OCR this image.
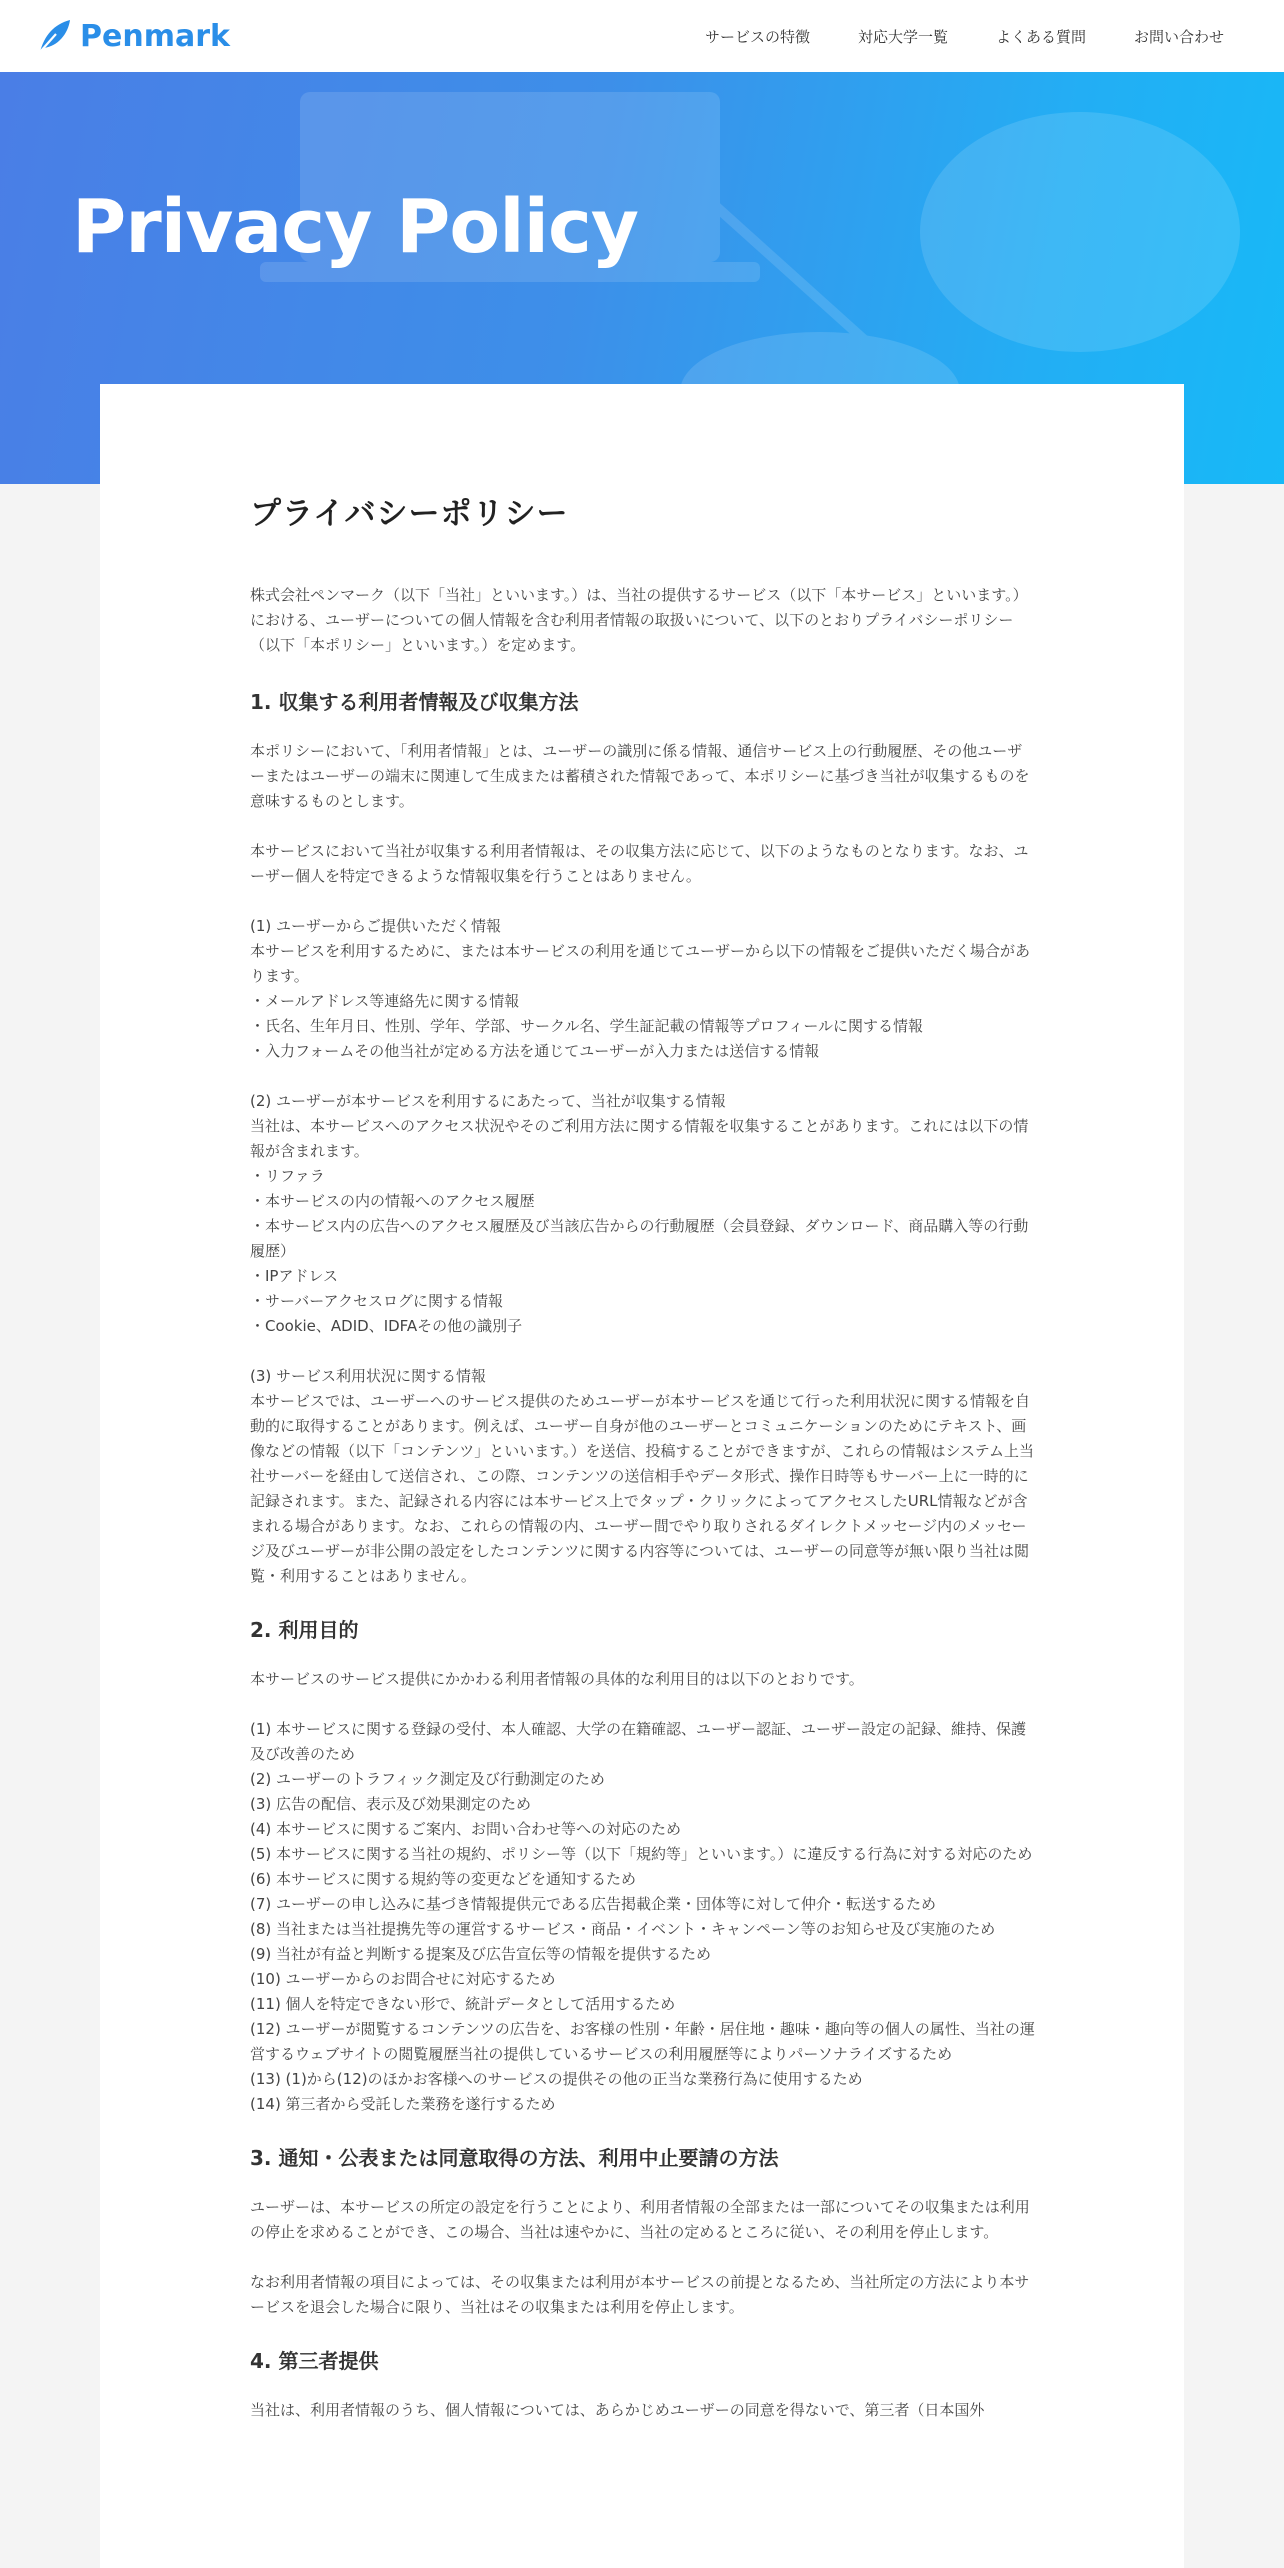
Penmark	サービスの特徴	対応大学一覧	よくある質問	お問い合わせ
Privacy Policy
プライバシーポリシー

株式会社ペンマーク（以下「当社」といいます。）は、当社の提供するサービス（以下「本サービス」といいます。）における、ユーザーについての個人情報を含む利用者情報の取扱いについて、以下のとおりプライバシーポリシー（以下「本ポリシー」といいます。）を定めます。

1. 収集する利用者情報及び収集方法

本ポリシーにおいて、「利用者情報」とは、ユーザーの識別に係る情報、通信サービス上の行動履歴、その他ユーザーまたはユーザーの端末に関連して生成または蓄積された情報であって、本ポリシーに基づき当社が収集するものを意味するものとします。

本サービスにおいて当社が収集する利用者情報は、その収集方法に応じて、以下のようなものとなります。なお、ユーザー個人を特定できるような情報収集を行うことはありません。

(1) ユーザーからご提供いただく情報
本サービスを利用するために、または本サービスの利用を通じてユーザーから以下の情報をご提供いただく場合があります。
・メールアドレス等連絡先に関する情報
・氏名、生年月日、性別、学年、学部、サークル名、学生証記載の情報等プロフィールに関する情報
・入力フォームその他当社が定める方法を通じてユーザーが入力または送信する情報
(2) ユーザーが本サービスを利用するにあたって、当社が収集する情報
当社は、本サービスへのアクセス状況やそのご利用方法に関する情報を収集することがあります。これには以下の情報が含まれます。
・リファラ
・本サービスの内の情報へのアクセス履歴
・本サービス内の広告へのアクセス履歴及び当該広告からの行動履歴（会員登録、ダウンロード、商品購入等の行動履歴）
・IPアドレス
・サーバーアクセスログに関する情報
・Cookie、ADID、IDFAその他の識別子
(3) サービス利用状況に関する情報
本サービスでは、ユーザーへのサービス提供のためユーザーが本サービスを通じて行った利用状況に関する情報を自動的に取得することがあります。例えば、ユーザー自身が他のユーザーとコミュニケーションのためにテキスト、画像などの情報（以下「コンテンツ」といいます。）を送信、投稿することができますが、これらの情報はシステム上当社サーバーを経由して送信され、この際、コンテンツの送信相手やデータ形式、操作日時等もサーバー上に一時的に記録されます。また、記録される内容には本サービス上でタップ・クリックによってアクセスしたURL情報などが含まれる場合があります。なお、これらの情報の内、ユーザー間でやり取りされるダイレクトメッセージ内のメッセージ及びユーザーが非公開の設定をしたコンテンツに関する内容等については、ユーザーの同意等が無い限り当社は閲覧・利用することはありません。
2. 利用目的

本サービスのサービス提供にかかわる利用者情報の具体的な利用目的は以下のとおりです。

(1) 本サービスに関する登録の受付、本人確認、大学の在籍確認、ユーザー認証、ユーザー設定の記録、維持、保護及び改善のため
(2) ユーザーのトラフィック測定及び行動測定のため
(3) 広告の配信、表示及び効果測定のため
(4) 本サービスに関するご案内、お問い合わせ等への対応のため
(5) 本サービスに関する当社の規約、ポリシー等（以下「規約等」といいます。）に違反する行為に対する対応のため
(6) 本サービスに関する規約等の変更などを通知するため
(7) ユーザーの申し込みに基づき情報提供元である広告掲載企業・団体等に対して仲介・転送するため
(8) 当社または当社提携先等の運営するサービス・商品・イベント・キャンペーン等のお知らせ及び実施のため
(9) 当社が有益と判断する提案及び広告宣伝等の情報を提供するため
(10) ユーザーからのお問合せに対応するため
(11) 個人を特定できない形で、統計データとして活用するため
(12) ユーザーが閲覧するコンテンツの広告を、お客様の性別・年齢・居住地・趣味・趣向等の個人の属性、当社の運営するウェブサイトの閲覧履歴当社の提供しているサービスの利用履歴等によりパーソナライズするため
(13) (1)から(12)のほかお客様へのサービスの提供その他の正当な業務行為に使用するため
(14) 第三者から受託した業務を遂行するため
3. 通知・公表または同意取得の方法、利用中止要請の方法

ユーザーは、本サービスの所定の設定を行うことにより、利用者情報の全部または一部についてその収集または利用の停止を求めることができ、この場合、当社は速やかに、当社の定めるところに従い、その利用を停止します。

なお利用者情報の項目によっては、その収集または利用が本サービスの前提となるため、当社所定の方法により本サービスを退会した場合に限り、当社はその収集または利用を停止します。

4. 第三者提供

当社は、利用者情報のうち、個人情報については、あらかじめユーザーの同意を得ないで、第三者（日本国外
